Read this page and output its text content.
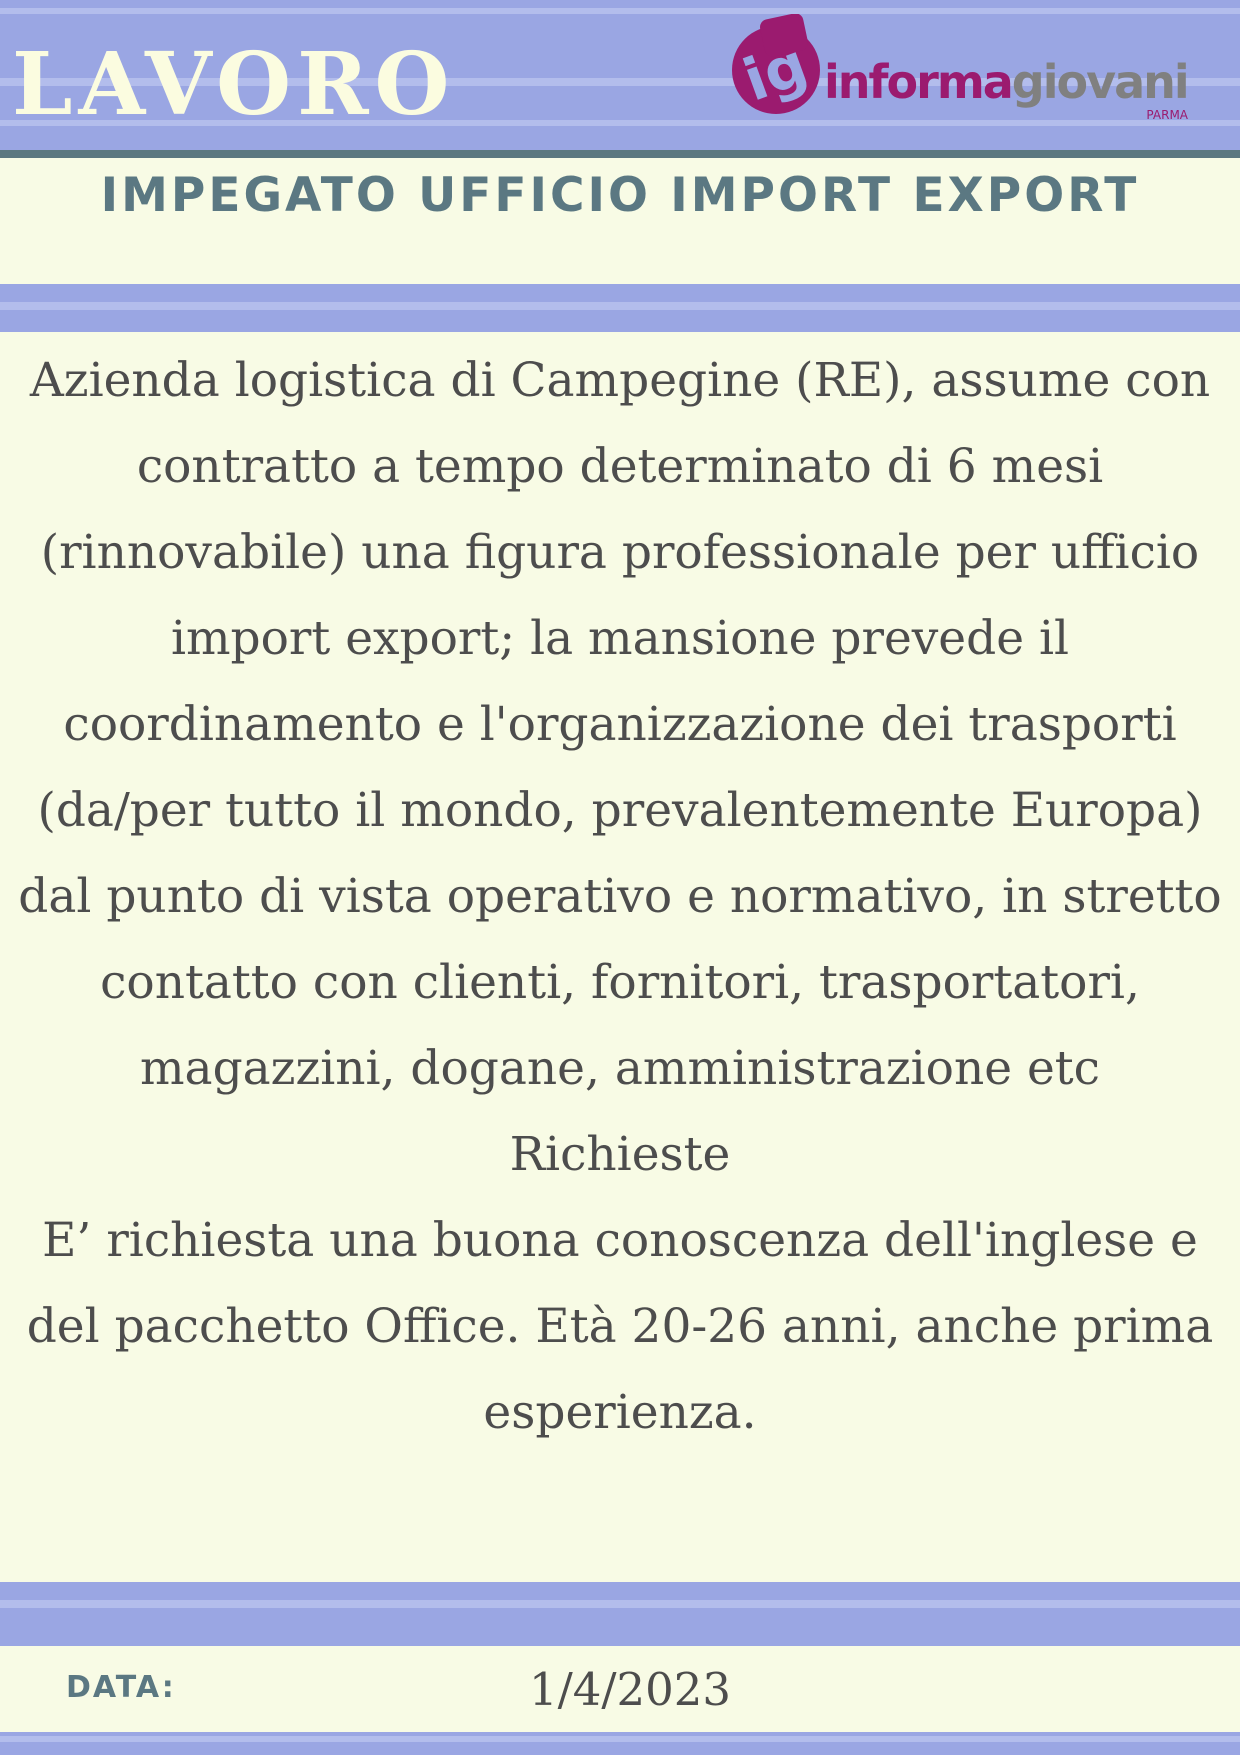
LAVORO	ig informagiovani
PARMA
IMPEGATO UFFICIO IMPORT EXPORT

Azienda logistica di Campegine (RE), assume con contratto a tempo determinato di 6 mesi (rinnovabile) una figura professionale per ufficio import export; la mansione prevede il coordinamento e l'organizzazione dei trasporti (da/per tutto il mondo, prevalentemente Europa) dal punto di vista operativo e normativo, in stretto contatto con clienti, fornitori, trasportatori, magazzini, dogane, amministrazione etc

Richieste

E’ richiesta una buona conoscenza dell'inglese e del pacchetto Office. Età 20-26 anni, anche prima esperienza.

DATA:	1/4/2023
